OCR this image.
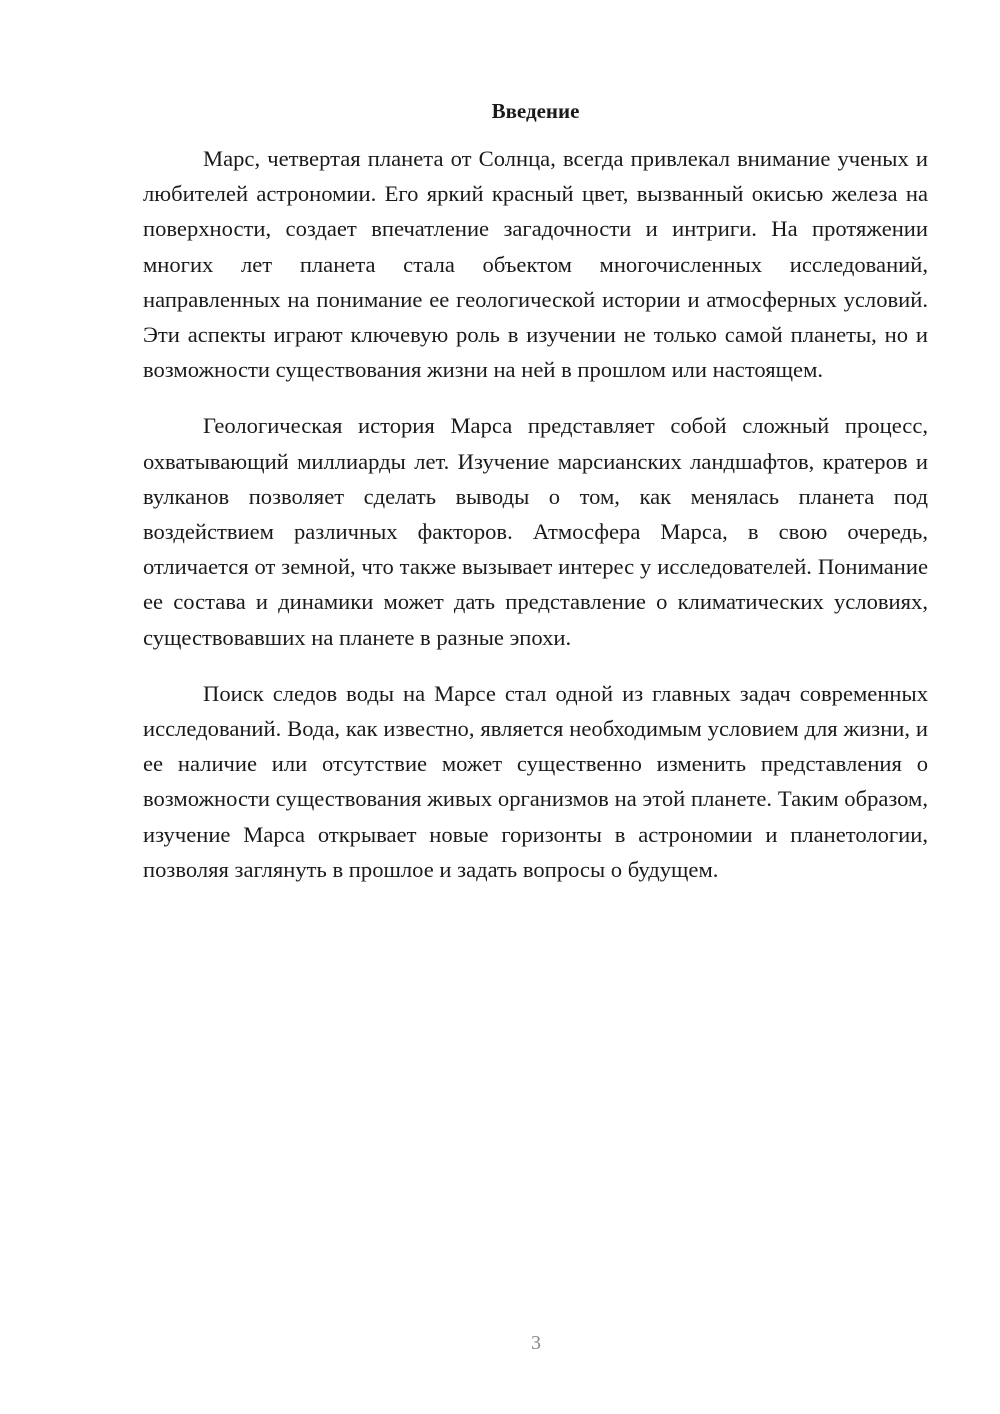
Введение

Марс, четвертая планета от Солнца, всегда привлекал внимание ученых и любителей астрономии. Его яркий красный цвет, вызванный окисью железа на поверхности, создает впечатление загадочности и интриги. На протяжении многих лет планета стала объектом многочисленных исследований, направленных на понимание ее геологической истории и атмосферных условий. Эти аспекты играют ключевую роль в изучении не только самой планеты, но и возможности существования жизни на ней в прошлом или настоящем.

Геологическая история Марса представляет собой сложный процесс, охватывающий миллиарды лет. Изучение марсианских ландшафтов, кратеров и вулканов позволяет сделать выводы о том, как менялась планета под воздействием различных факторов. Атмосфера Марса, в свою очередь, отличается от земной, что также вызывает интерес у исследователей. Понимание ее состава и динамики может дать представление о климатических условиях, существовавших на планете в разные эпохи.

Поиск следов воды на Марсе стал одной из главных задач современных исследований. Вода, как известно, является необходимым условием для жизни, и ее наличие или отсутствие может существенно изменить представления о возможности существования живых организмов на этой планете. Таким образом, изучение Марса открывает новые горизонты в астрономии и планетологии, позволяя заглянуть в прошлое и задать вопросы о будущем.

3
